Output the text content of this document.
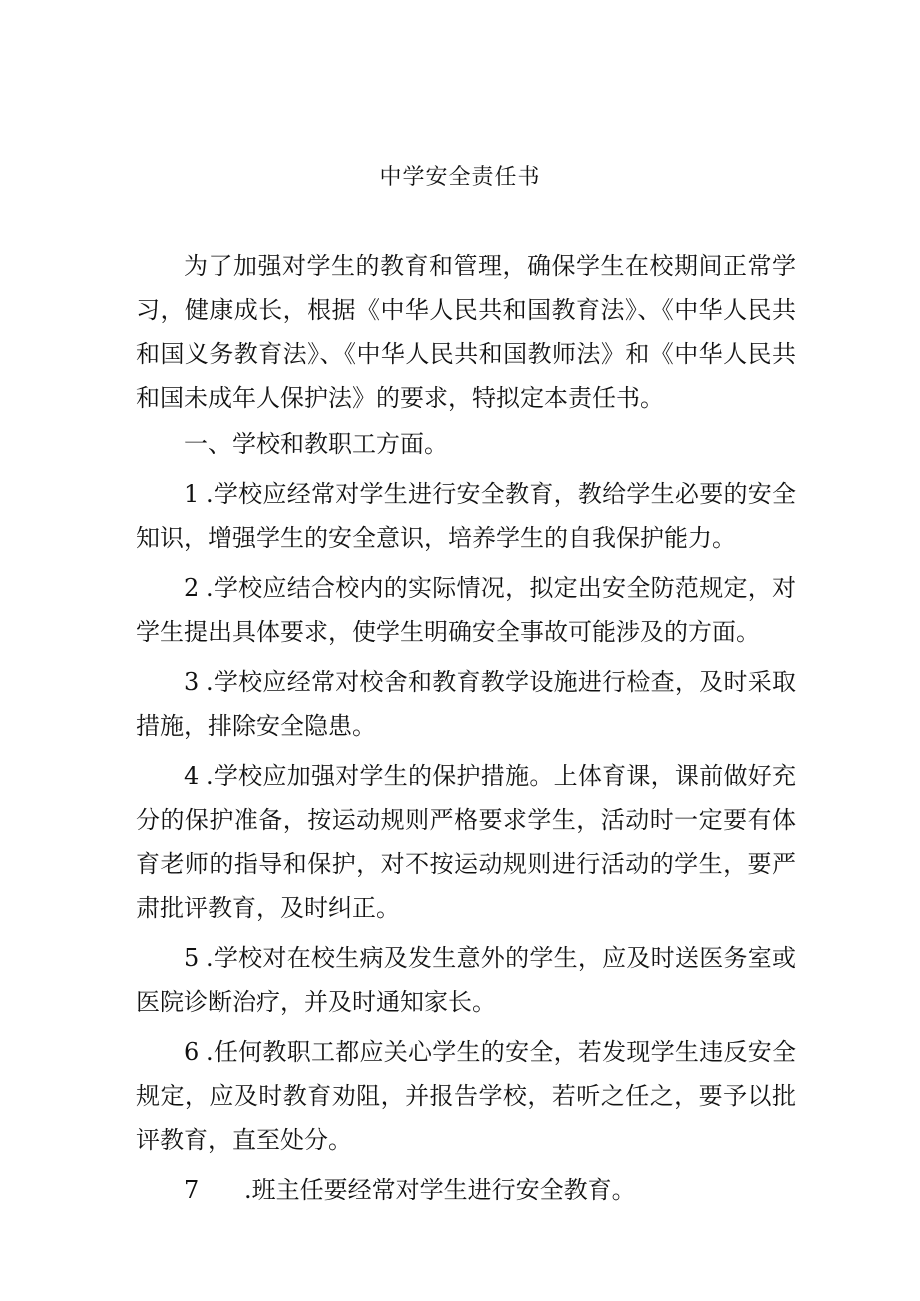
中学安全责任书

为了加强对学生的教育和管理，确保学生在校期间正常学习，健康成长，根据《中华人民共和国教育法》、《中华人民共和国义务教育法》、《中华人民共和国教师法》和《中华人民共和国未成年人保护法》的要求，特拟定本责任书。

一、学校和教职工方面。

1 .学校应经常对学生进行安全教育，教给学生必要的安全知识，增强学生的安全意识，培养学生的自我保护能力。

2 .学校应结合校内的实际情况，拟定出安全防范规定，对学生提出具体要求，使学生明确安全事故可能涉及的方面。

3 .学校应经常对校舍和教育教学设施进行检查，及时采取措施，排除安全隐患。

4 .学校应加强对学生的保护措施。上体育课，课前做好充分的保护准备，按运动规则严格要求学生，活动时一定要有体育老师的指导和保护，对不按运动规则进行活动的学生，要严肃批评教育，及时纠正。

5 .学校对在校生病及发生意外的学生，应及时送医务室或医院诊断治疗，并及时通知家长。

6 .任何教职工都应关心学生的安全，若发现学生违反安全规定，应及时教育劝阻，并报告学校，若听之任之，要予以批评教育，直至处分。

7 .班主任要经常对学生进行安全教育。
